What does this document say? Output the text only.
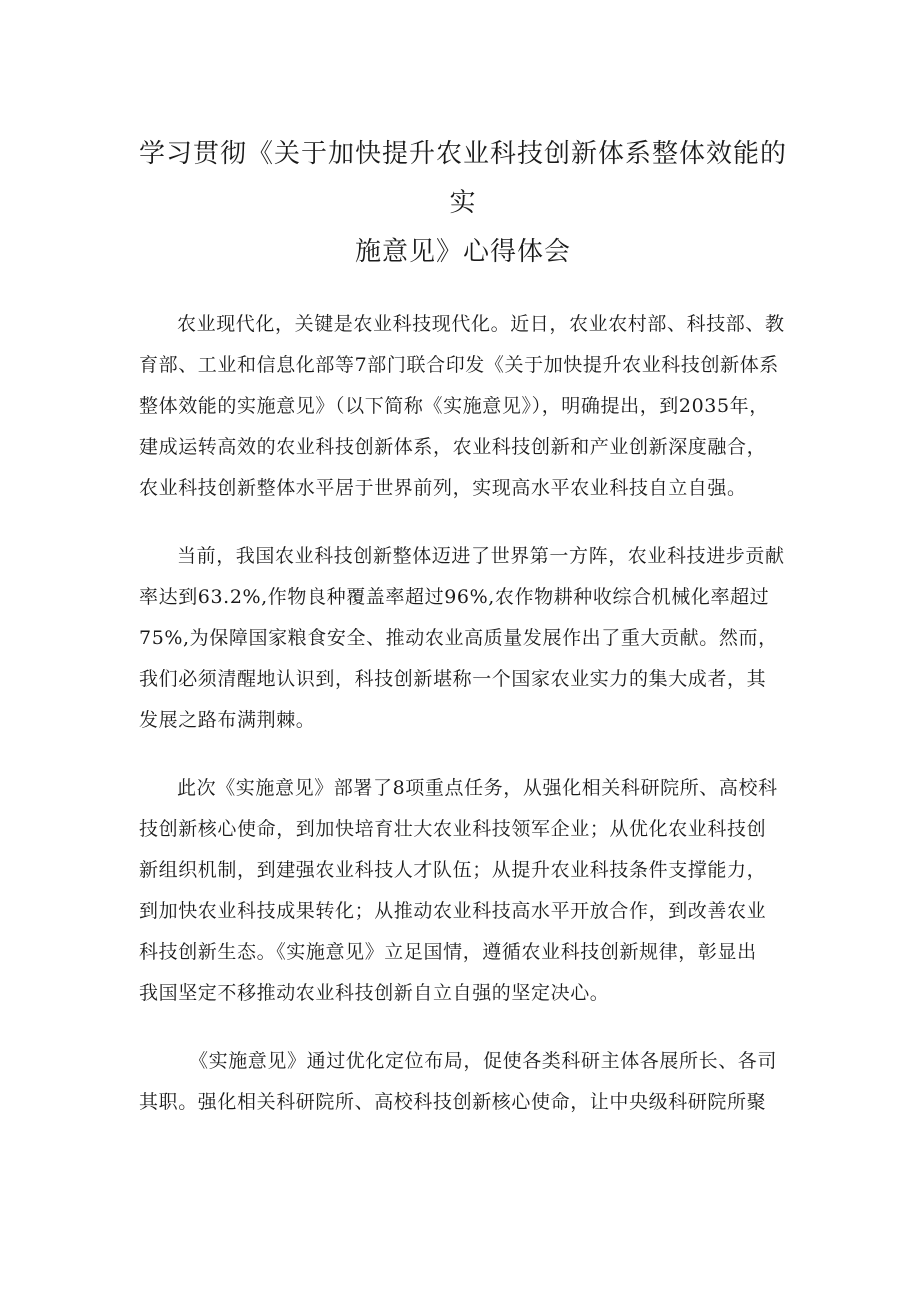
学习贯彻《关于加快提升农业科技创新体系整体效能的实
施意见》心得体会

农业现代化，关键是农业科技现代化。近日，农业农村部、科技部、教
育部、工业和信息化部等7部门联合印发《关于加快提升农业科技创新体系
整体效能的实施意见》（以下简称《实施意见》），明确提出，到2035年，
建成运转高效的农业科技创新体系，农业科技创新和产业创新深度融合，
农业科技创新整体水平居于世界前列，实现高水平农业科技自立自强。

当前，我国农业科技创新整体迈进了世界第一方阵，农业科技进步贡献
率达到63.2%,作物良种覆盖率超过96%,农作物耕种收综合机械化率超过
75%,为保障国家粮食安全、推动农业高质量发展作出了重大贡献。然而，
我们必须清醒地认识到，科技创新堪称一个国家农业实力的集大成者，其
发展之路布满荆棘。

此次《实施意见》部署了8项重点任务，从强化相关科研院所、高校科
技创新核心使命，到加快培育壮大农业科技领军企业；从优化农业科技创
新组织机制，到建强农业科技人才队伍；从提升农业科技条件支撑能力，
到加快农业科技成果转化；从推动农业科技高水平开放合作，到改善农业
科技创新生态。《实施意见》立足国情，遵循农业科技创新规律，彰显出
我国坚定不移推动农业科技创新自立自强的坚定决心。

《实施意见》通过优化定位布局，促使各类科研主体各展所长、各司
其职。强化相关科研院所、高校科技创新核心使命，让中央级科研院所聚
